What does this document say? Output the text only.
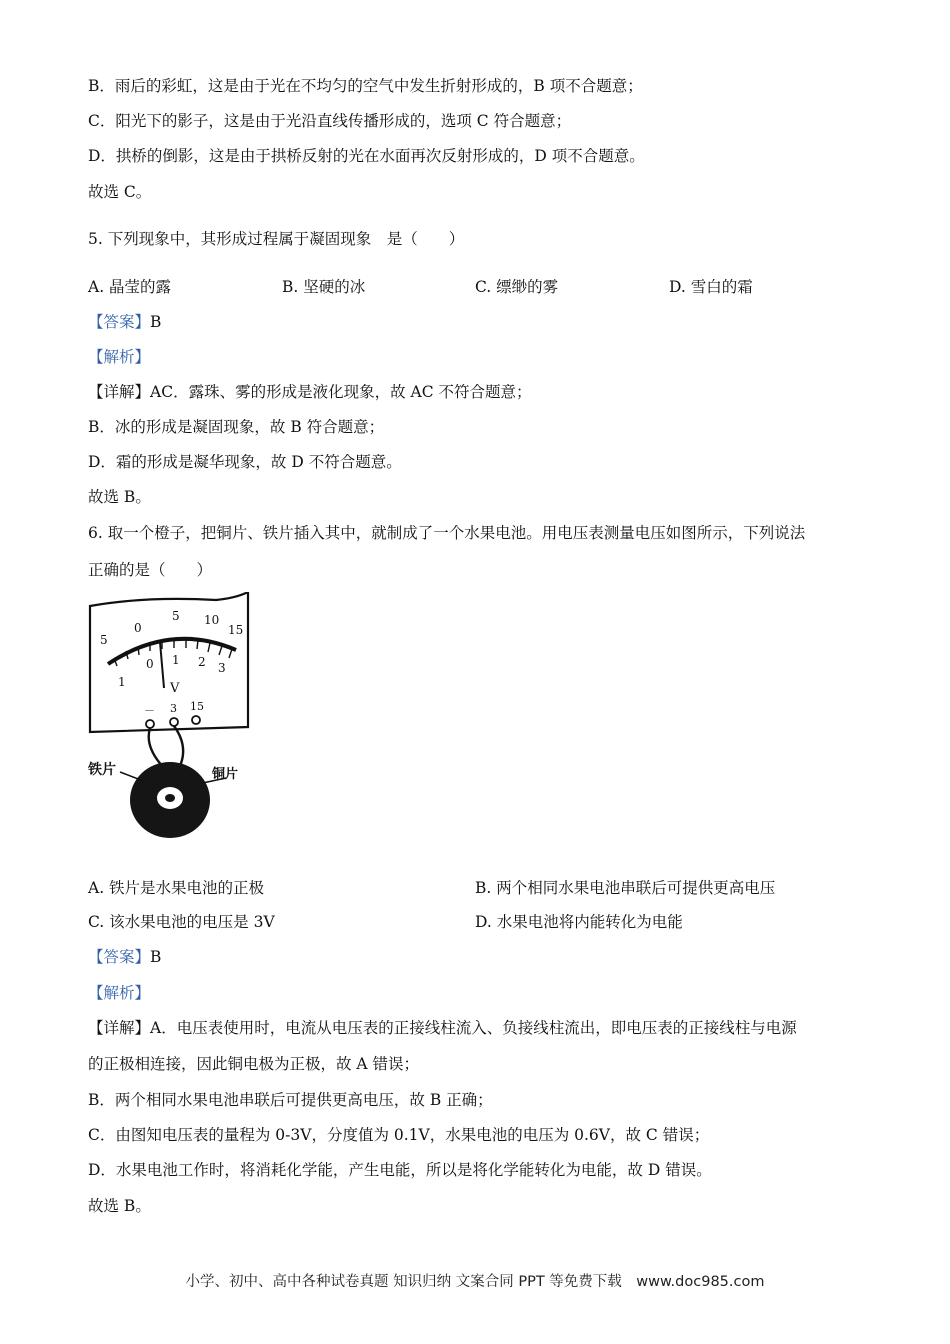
B．雨后的彩虹，这是由于光在不均匀的空气中发生折射形成的，B 项不合题意；
C．阳光下的影子，这是由于光沿直线传播形成的，选项 C 符合题意；
D．拱桥的倒影，这是由于拱桥反射的光在水面再次反射形成的，D 项不合题意。
故选 C。
5. 下列现象中，其形成过程属于凝固现象　是（　　）
A. 晶莹的露	B. 坚硬的冰	C. 缥缈的雾	D. 雪白的霜
【答案】B
【解析】
【详解】AC．露珠、雾的形成是液化现象，故 AC 不符合题意；
B．冰的形成是凝固现象，故 B 符合题意；
D．霜的形成是凝华现象，故 D 不符合题意。
故选 B。
6. 取一个橙子，把铜片、铁片插入其中，就制成了一个水果电池。用电压表测量电压如图所示，下列说法
正确的是（　　）
5
0
5 10
15
1
0 1 2 3
V
－ 3 15
铁片	铜片
A. 铁片是水果电池的正极	B. 两个相同水果电池串联后可提供更高电压
C. 该水果电池的电压是 3V	D. 水果电池将内能转化为电能
【答案】B
【解析】
【详解】A．电压表使用时，电流从电压表的正接线柱流入、负接线柱流出，即电压表的正接线柱与电源
的正极相连接，因此铜电极为正极，故 A 错误；
B．两个相同水果电池串联后可提供更高电压，故 B 正确；
C．由图知电压表的量程为 0-3V，分度值为 0.1V，水果电池的电压为 0.6V，故 C 错误；
D．水果电池工作时，将消耗化学能，产生电能，所以是将化学能转化为电能，故 D 错误。
故选 B。
小学、初中、高中各种试卷真题 知识归纳 文案合同 PPT 等免费下载　www.doc985.com
